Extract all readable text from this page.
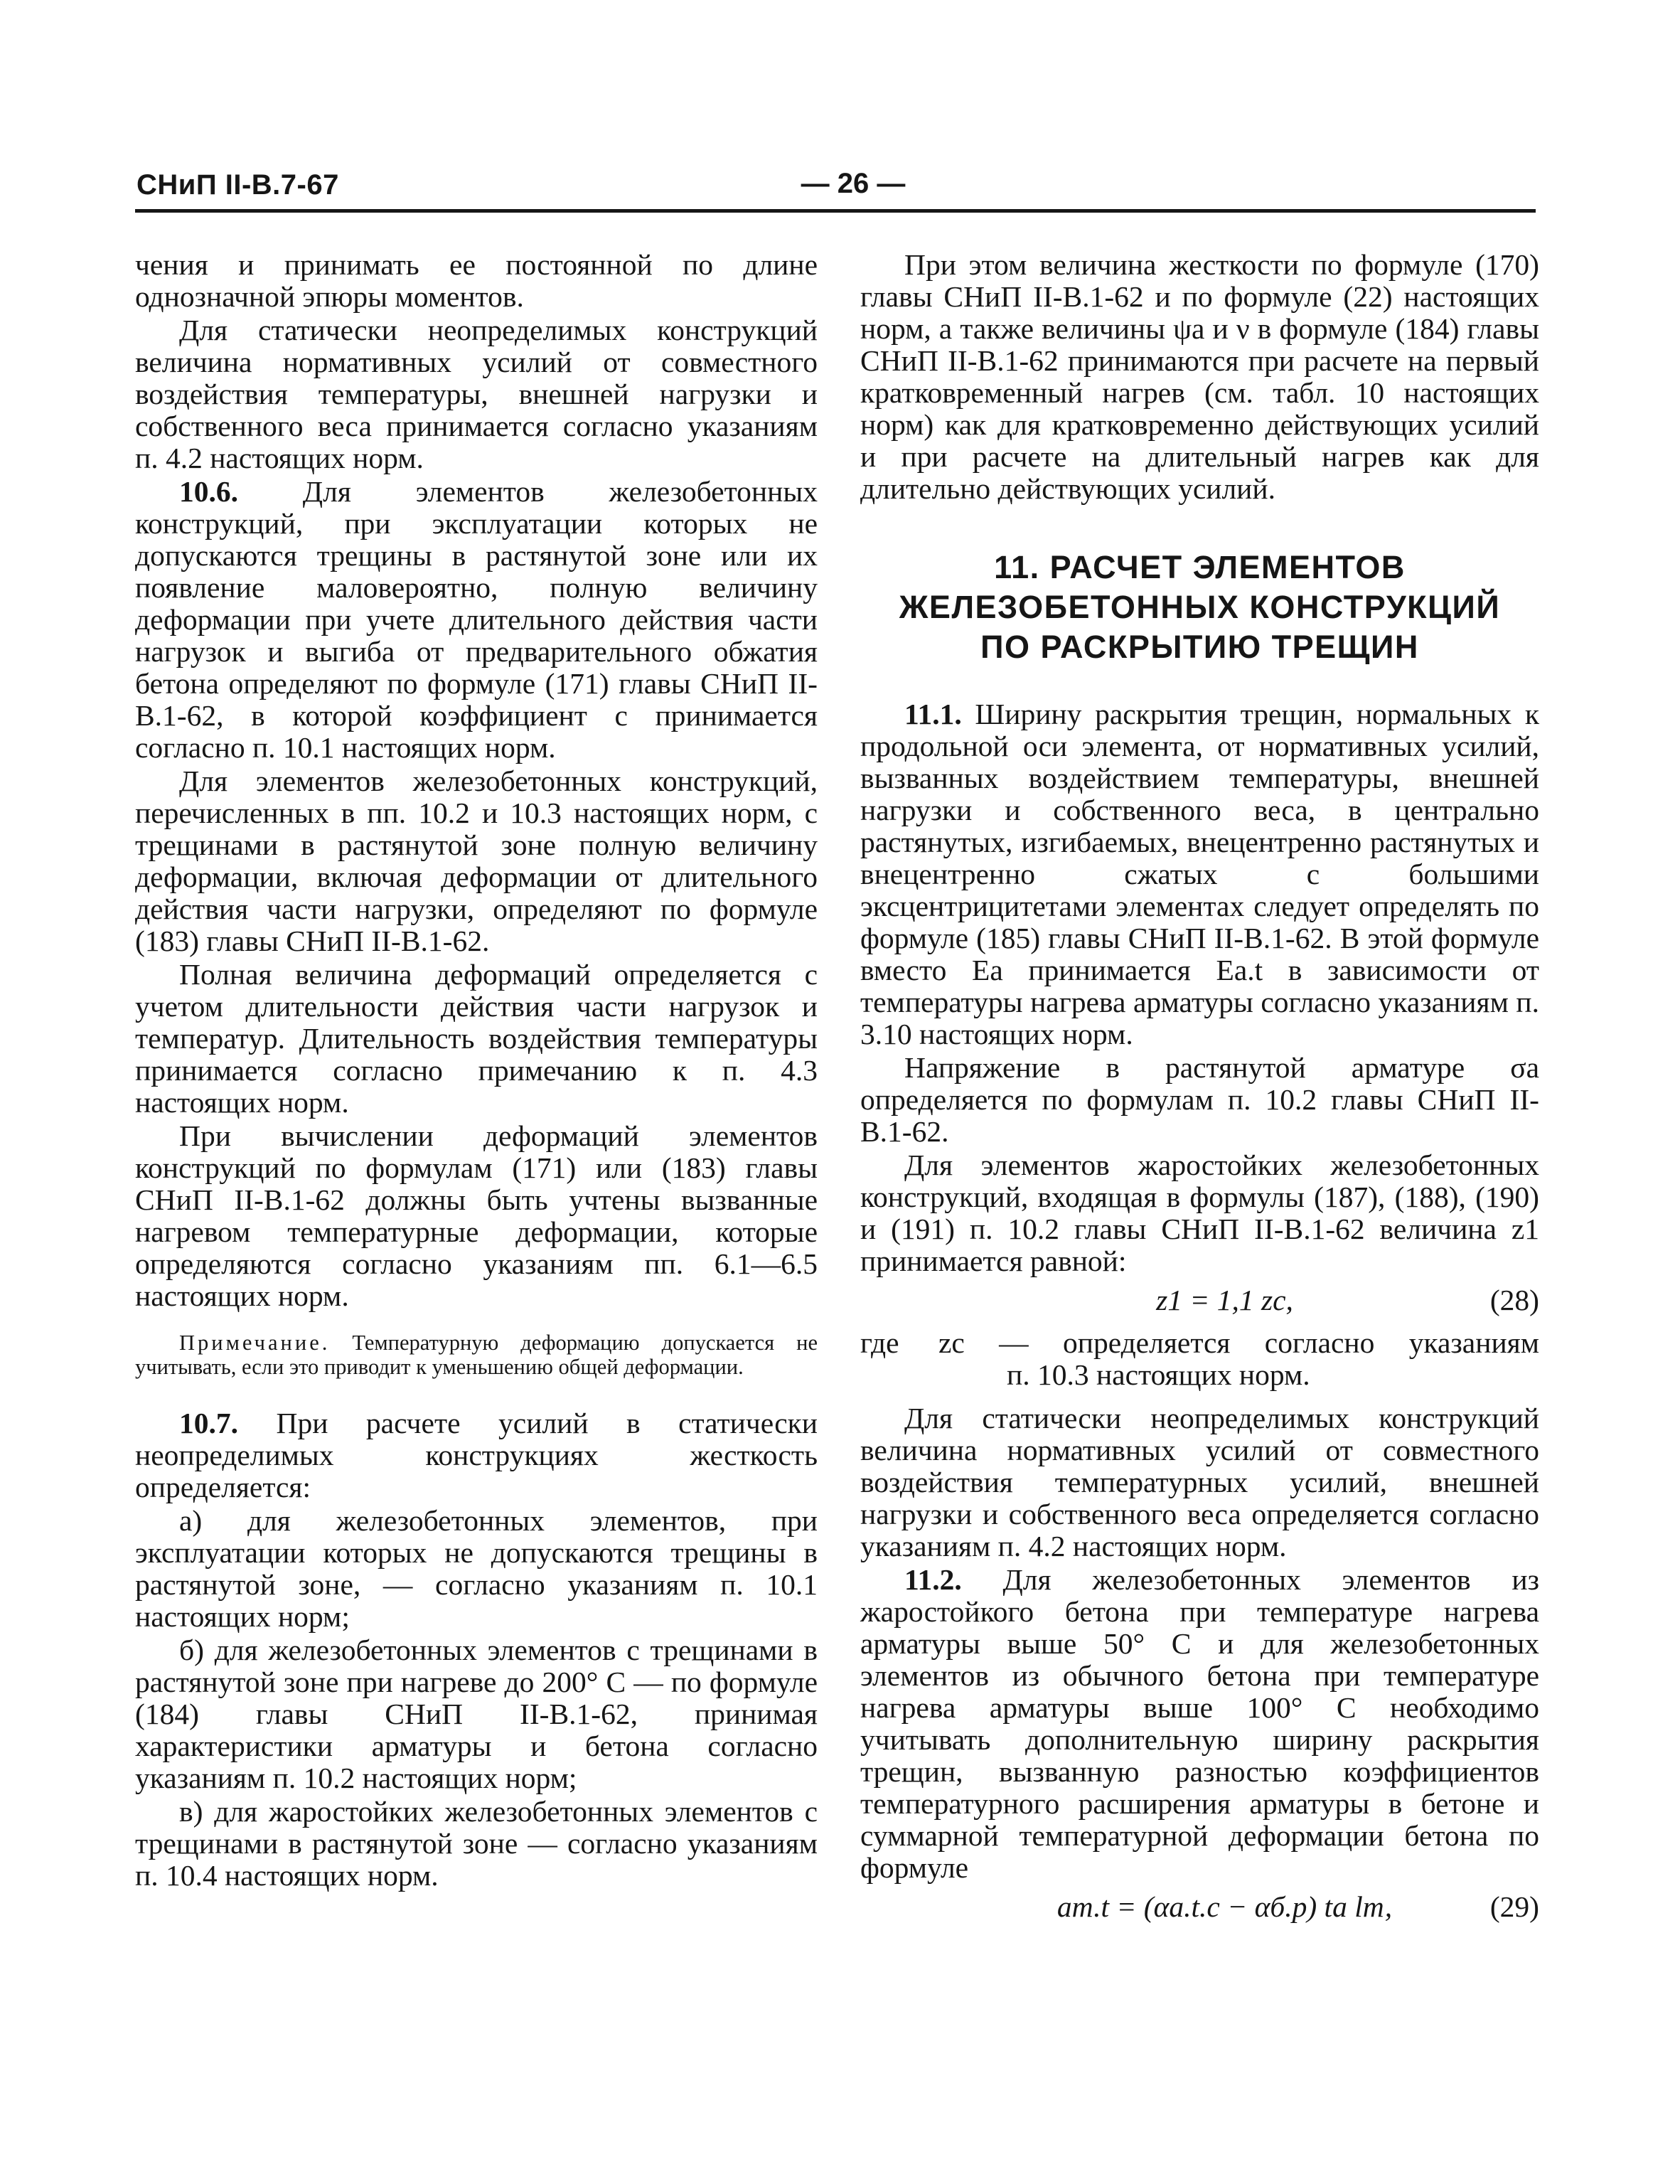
СНиП II-В.7-67	— 26 —

чения и принимать ее постоянной по длине однозначной эпюры моментов.

Для статически неопределимых конструкций величина нормативных усилий от совместного воздействия температуры, внешней нагрузки и собственного веса принимается согласно указаниям п. 4.2 настоящих норм.

10.6. Для элементов железобетонных конструкций, при эксплуатации которых не допускаются трещины в растянутой зоне или их появление маловероятно, полную величину деформации при учете длительного действия части нагрузок и выгиба от предварительного обжатия бетона определяют по формуле (171) главы СНиП II-В.1-62, в которой коэффициент с принимается согласно п. 10.1 настоящих норм.

Для элементов железобетонных конструкций, перечисленных в пп. 10.2 и 10.3 настоящих норм, с трещинами в растянутой зоне полную величину деформации, включая деформации от длительного действия части нагрузки, определяют по формуле (183) главы СНиП II-В.1-62.

Полная величина деформаций определяется с учетом длительности действия части нагрузок и температур. Длительность воздействия температуры принимается согласно примечанию к п. 4.3 настоящих норм.

При вычислении деформаций элементов конструкций по формулам (171) или (183) главы СНиП II-В.1-62 должны быть учтены вызванные нагревом температурные деформации, которые определяются согласно указаниям пп. 6.1—6.5 настоящих норм.

Примечание. Температурную деформацию допускается не учитывать, если это приводит к уменьшению общей деформации.

10.7. При расчете усилий в статически неопределимых конструкциях жесткость определяется:

а) для железобетонных элементов, при эксплуатации которых не допускаются трещины в растянутой зоне, — согласно указаниям п. 10.1 настоящих норм;

б) для железобетонных элементов с трещинами в растянутой зоне при нагреве до 200° С — по формуле (184) главы СНиП II-В.1-62, принимая характеристики арматуры и бетона согласно указаниям п. 10.2 настоящих норм;

в) для жаростойких железобетонных элементов с трещинами в растянутой зоне — согласно указаниям п. 10.4 настоящих норм.

При этом величина жесткости по формуле (170) главы СНиП II-В.1-62 и по формуле (22) настоящих норм, а также величины ψа и ν в формуле (184) главы СНиП II-В.1-62 принимаются при расчете на первый кратковременный нагрев (см. табл. 10 настоящих норм) как для кратковременно действующих усилий и при расчете на длительный нагрев как для длительно действующих усилий.

11. РАСЧЕТ ЭЛЕМЕНТОВ
ЖЕЛЕЗОБЕТОННЫХ КОНСТРУКЦИЙ
ПО РАСКРЫТИЮ ТРЕЩИН

11.1. Ширину раскрытия трещин, нормальных к продольной оси элемента, от нормативных усилий, вызванных воздействием температуры, внешней нагрузки и собственного веса, в центрально растянутых, изгибаемых, внецентренно растянутых и внецентренно сжатых с большими эксцентрицитетами элементах следует определять по формуле (185) главы СНиП II-В.1-62. В этой формуле вместо Еа принимается Еа.t в зависимости от температуры нагрева арматуры согласно указаниям п. 3.10 настоящих норм.

Напряжение в растянутой арматуре σа определяется по формулам п. 10.2 главы СНиП II-В.1-62.

Для элементов жаростойких железобетонных конструкций, входящая в формулы (187), (188), (190) и (191) п. 10.2 главы СНиП II-В.1-62 величина z1 принимается равной:

z1 = 1,1 zc,	(28)
где	zc — определяется согласно указаниям
п. 10.3 настоящих норм.

Для статически неопределимых конструкций величина нормативных усилий от совместного воздействия температурных усилий, внешней нагрузки и собственного веса определяется согласно указаниям п. 4.2 настоящих норм.

11.2. Для железобетонных элементов из жаростойкого бетона при температуре нагрева арматуры выше 50° С и для железобетонных элементов из обычного бетона при температуре нагрева арматуры выше 100° С необходимо учитывать дополнительную ширину раскрытия трещин, вызванную разностью коэффициентов температурного расширения арматуры в бетоне и суммарной температурной деформации бетона по формуле

aт.t = (αа.t.с − αб.р) tа lт,	(29)
